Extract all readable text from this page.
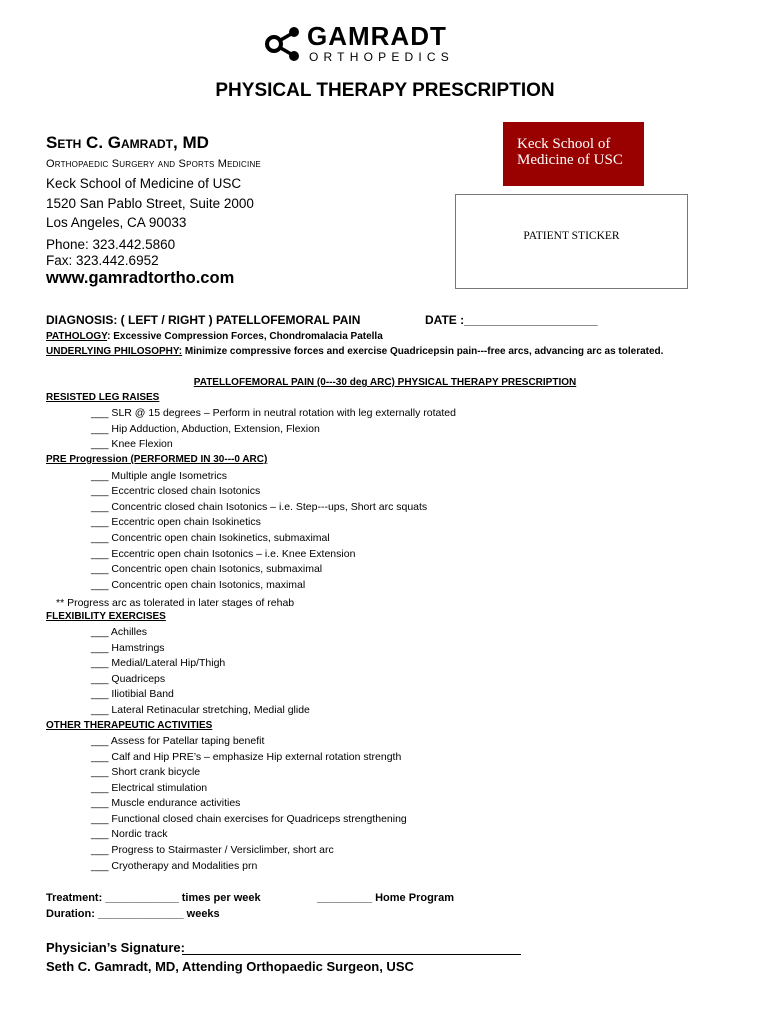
GAMRADT
ORTHOPEDICS
PHYSICAL THERAPY PRESCRIPTION
Seth C. Gamradt, MD
Orthopaedic Surgery and Sports Medicine
Keck School of Medicine of USC
1520 San Pablo Street, Suite 2000
Los Angeles, CA 90033
Phone: 323.442.5860
Fax: 323.442.6952
www.gamradtortho.com
Keck School of
Medicine of USC
PATIENT STICKER
DIAGNOSIS: ( LEFT / RIGHT ) PATELLOFEMORAL PAIN	DATE :____________________
PATHOLOGY: Excessive Compression Forces, Chondromalacia Patella
UNDERLYING PHILOSOPHY: Minimize compressive forces and exercise Quadricepsin pain---free arcs, advancing arc as tolerated.
PATELLOFEMORAL PAIN (0---30 deg ARC) PHYSICAL THERAPY PRESCRIPTION
RESISTED LEG RAISES
___ SLR @ 15 degrees – Perform in neutral rotation with leg externally rotated
___ Hip Adduction, Abduction, Extension, Flexion
___ Knee Flexion
PRE Progression (PERFORMED IN 30---0 ARC)
___ Multiple angle Isometrics
___ Eccentric closed chain Isotonics
___ Concentric closed chain Isotonics – i.e. Step---ups, Short arc squats
___ Eccentric open chain Isokinetics
___ Concentric open chain Isokinetics, submaximal
___ Eccentric open chain Isotonics – i.e. Knee Extension
___ Concentric open chain Isotonics, submaximal
___ Concentric open chain Isotonics, maximal
** Progress arc as tolerated in later stages of rehab
FLEXIBILITY EXERCISES
___ Achilles
___ Hamstrings
___ Medial/Lateral Hip/Thigh
___ Quadriceps
___ Iliotibial Band
___ Lateral Retinacular stretching, Medial glide
OTHER THERAPEUTIC ACTIVITIES
___ Assess for Patellar taping benefit
___ Calf and Hip PRE’s – emphasize Hip external rotation strength
___ Short crank bicycle
___ Electrical stimulation
___ Muscle endurance activities
___ Functional closed chain exercises for Quadriceps strengthening
___ Nordic track
___ Progress to Stairmaster / Versiclimber, short arc
___ Cryotherapy and Modalities prn
Treatment: ____________ times per week	_________ Home Program
Duration: ______________ weeks
Physician’s Signature:
Seth C. Gamradt, MD, Attending Orthopaedic Surgeon, USC
